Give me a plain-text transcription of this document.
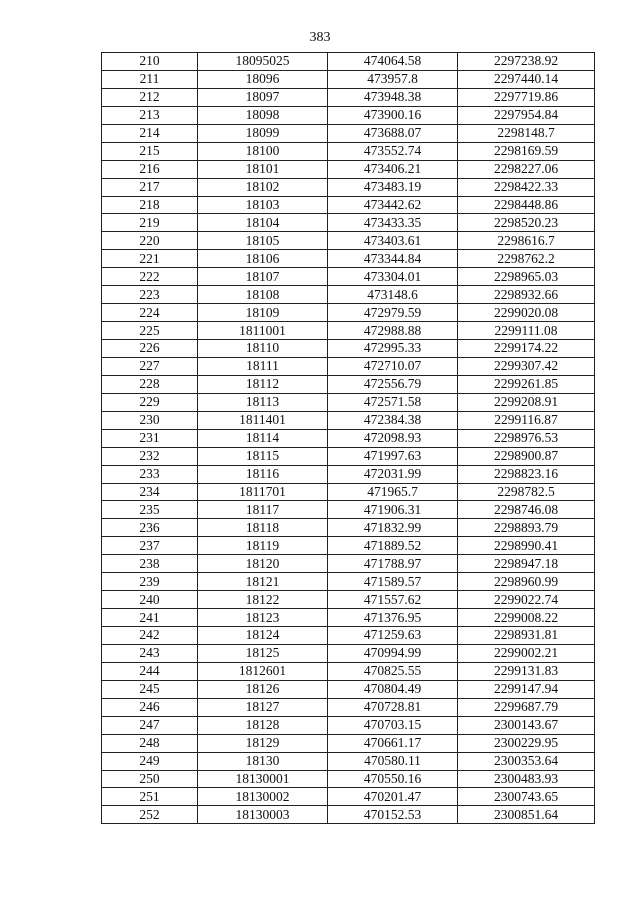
383
210	18095025	474064.58	2297238.92
211	18096	473957.8	2297440.14
212	18097	473948.38	2297719.86
213	18098	473900.16	2297954.84
214	18099	473688.07	2298148.7
215	18100	473552.74	2298169.59
216	18101	473406.21	2298227.06
217	18102	473483.19	2298422.33
218	18103	473442.62	2298448.86
219	18104	473433.35	2298520.23
220	18105	473403.61	2298616.7
221	18106	473344.84	2298762.2
222	18107	473304.01	2298965.03
223	18108	473148.6	2298932.66
224	18109	472979.59	2299020.08
225	1811001	472988.88	2299111.08
226	18110	472995.33	2299174.22
227	18111	472710.07	2299307.42
228	18112	472556.79	2299261.85
229	18113	472571.58	2299208.91
230	1811401	472384.38	2299116.87
231	18114	472098.93	2298976.53
232	18115	471997.63	2298900.87
233	18116	472031.99	2298823.16
234	1811701	471965.7	2298782.5
235	18117	471906.31	2298746.08
236	18118	471832.99	2298893.79
237	18119	471889.52	2298990.41
238	18120	471788.97	2298947.18
239	18121	471589.57	2298960.99
240	18122	471557.62	2299022.74
241	18123	471376.95	2299008.22
242	18124	471259.63	2298931.81
243	18125	470994.99	2299002.21
244	1812601	470825.55	2299131.83
245	18126	470804.49	2299147.94
246	18127	470728.81	2299687.79
247	18128	470703.15	2300143.67
248	18129	470661.17	2300229.95
249	18130	470580.11	2300353.64
250	18130001	470550.16	2300483.93
251	18130002	470201.47	2300743.65
252	18130003	470152.53	2300851.64
